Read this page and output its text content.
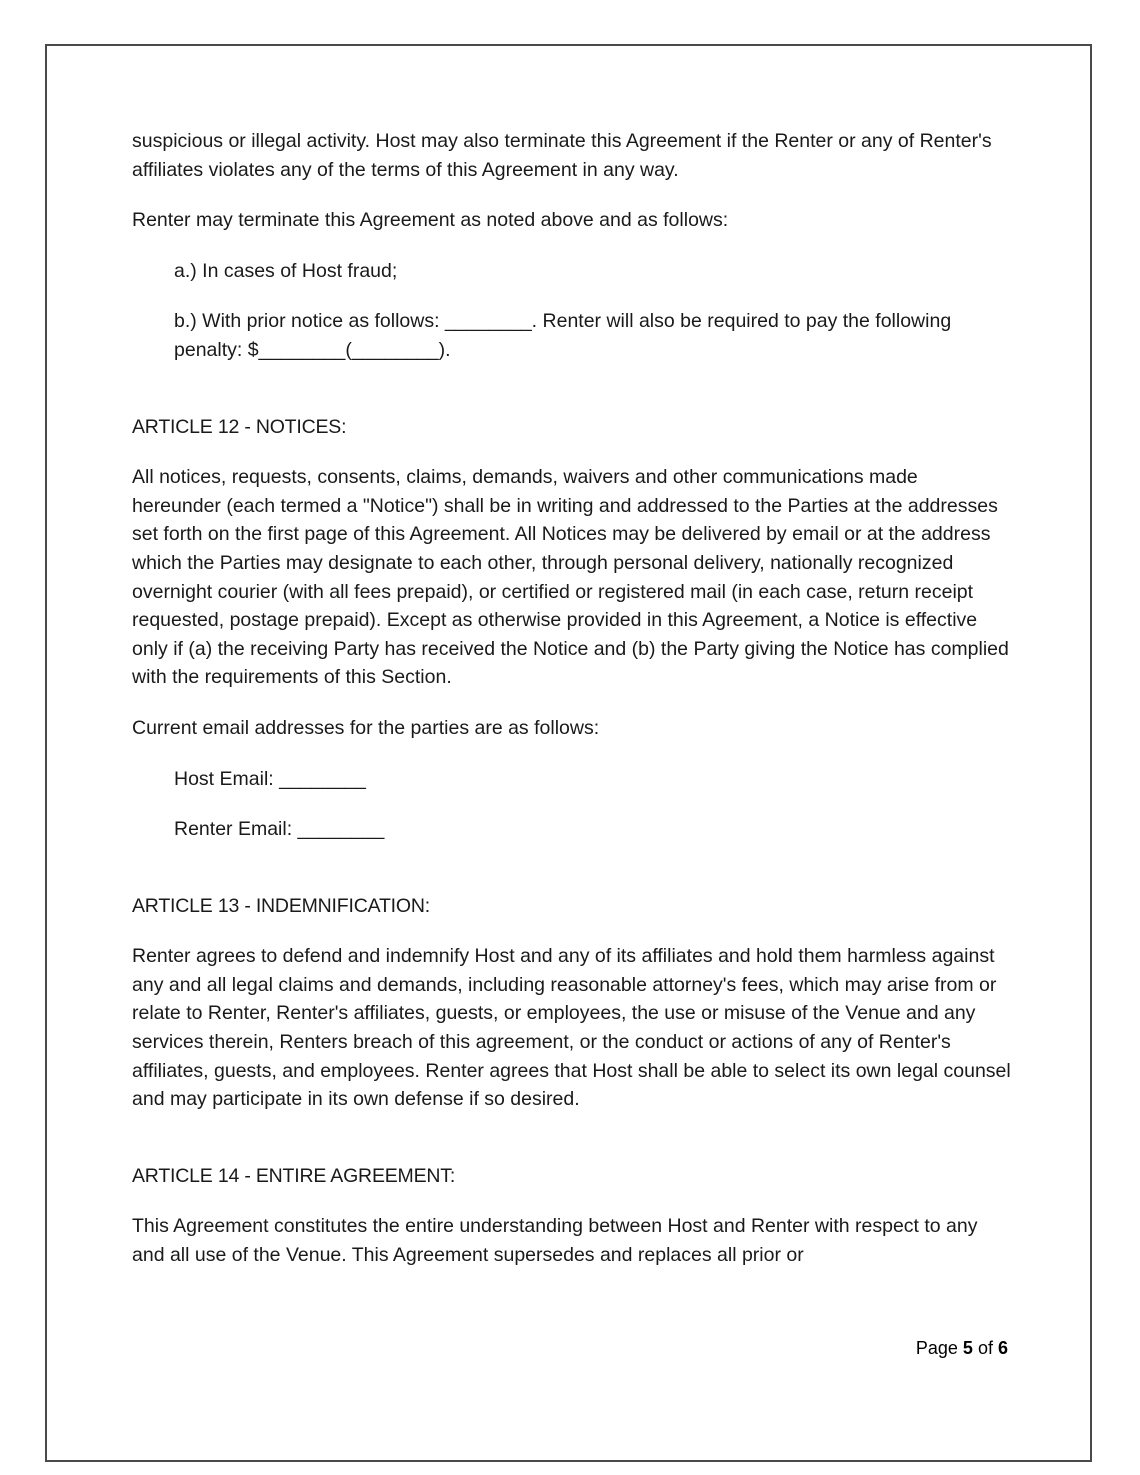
suspicious or illegal activity. Host may also terminate this Agreement if the Renter or any of Renter's affiliates violates any of the terms of this Agreement in any way.

Renter may terminate this Agreement as noted above and as follows:

a.) In cases of Host fraud;

b.) With prior notice as follows: ________. Renter will also be required to pay the following penalty: $________(________).

ARTICLE 12 - NOTICES:

All notices, requests, consents, claims, demands, waivers and other communications made hereunder (each termed a "Notice") shall be in writing and addressed to the Parties at the addresses set forth on the first page of this Agreement. All Notices may be delivered by email or at the address which the Parties may designate to each other, through personal delivery, nationally recognized overnight courier (with all fees prepaid), or certified or registered mail (in each case, return receipt requested, postage prepaid). Except as otherwise provided in this Agreement, a Notice is effective only if (a) the receiving Party has received the Notice and (b) the Party giving the Notice has complied with the requirements of this Section.

Current email addresses for the parties are as follows:

Host Email: ________

Renter Email: ________

ARTICLE 13 - INDEMNIFICATION:

Renter agrees to defend and indemnify Host and any of its affiliates and hold them harmless against any and all legal claims and demands, including reasonable attorney's fees, which may arise from or relate to Renter, Renter's affiliates, guests, or employees, the use or misuse of the Venue and any services therein, Renters breach of this agreement, or the conduct or actions of any of Renter's affiliates, guests, and employees. Renter agrees that Host shall be able to select its own legal counsel and may participate in its own defense if so desired.

ARTICLE 14 - ENTIRE AGREEMENT:

This Agreement constitutes the entire understanding between Host and Renter with respect to any and all use of the Venue. This Agreement supersedes and replaces all prior or

Page 5 of 6
